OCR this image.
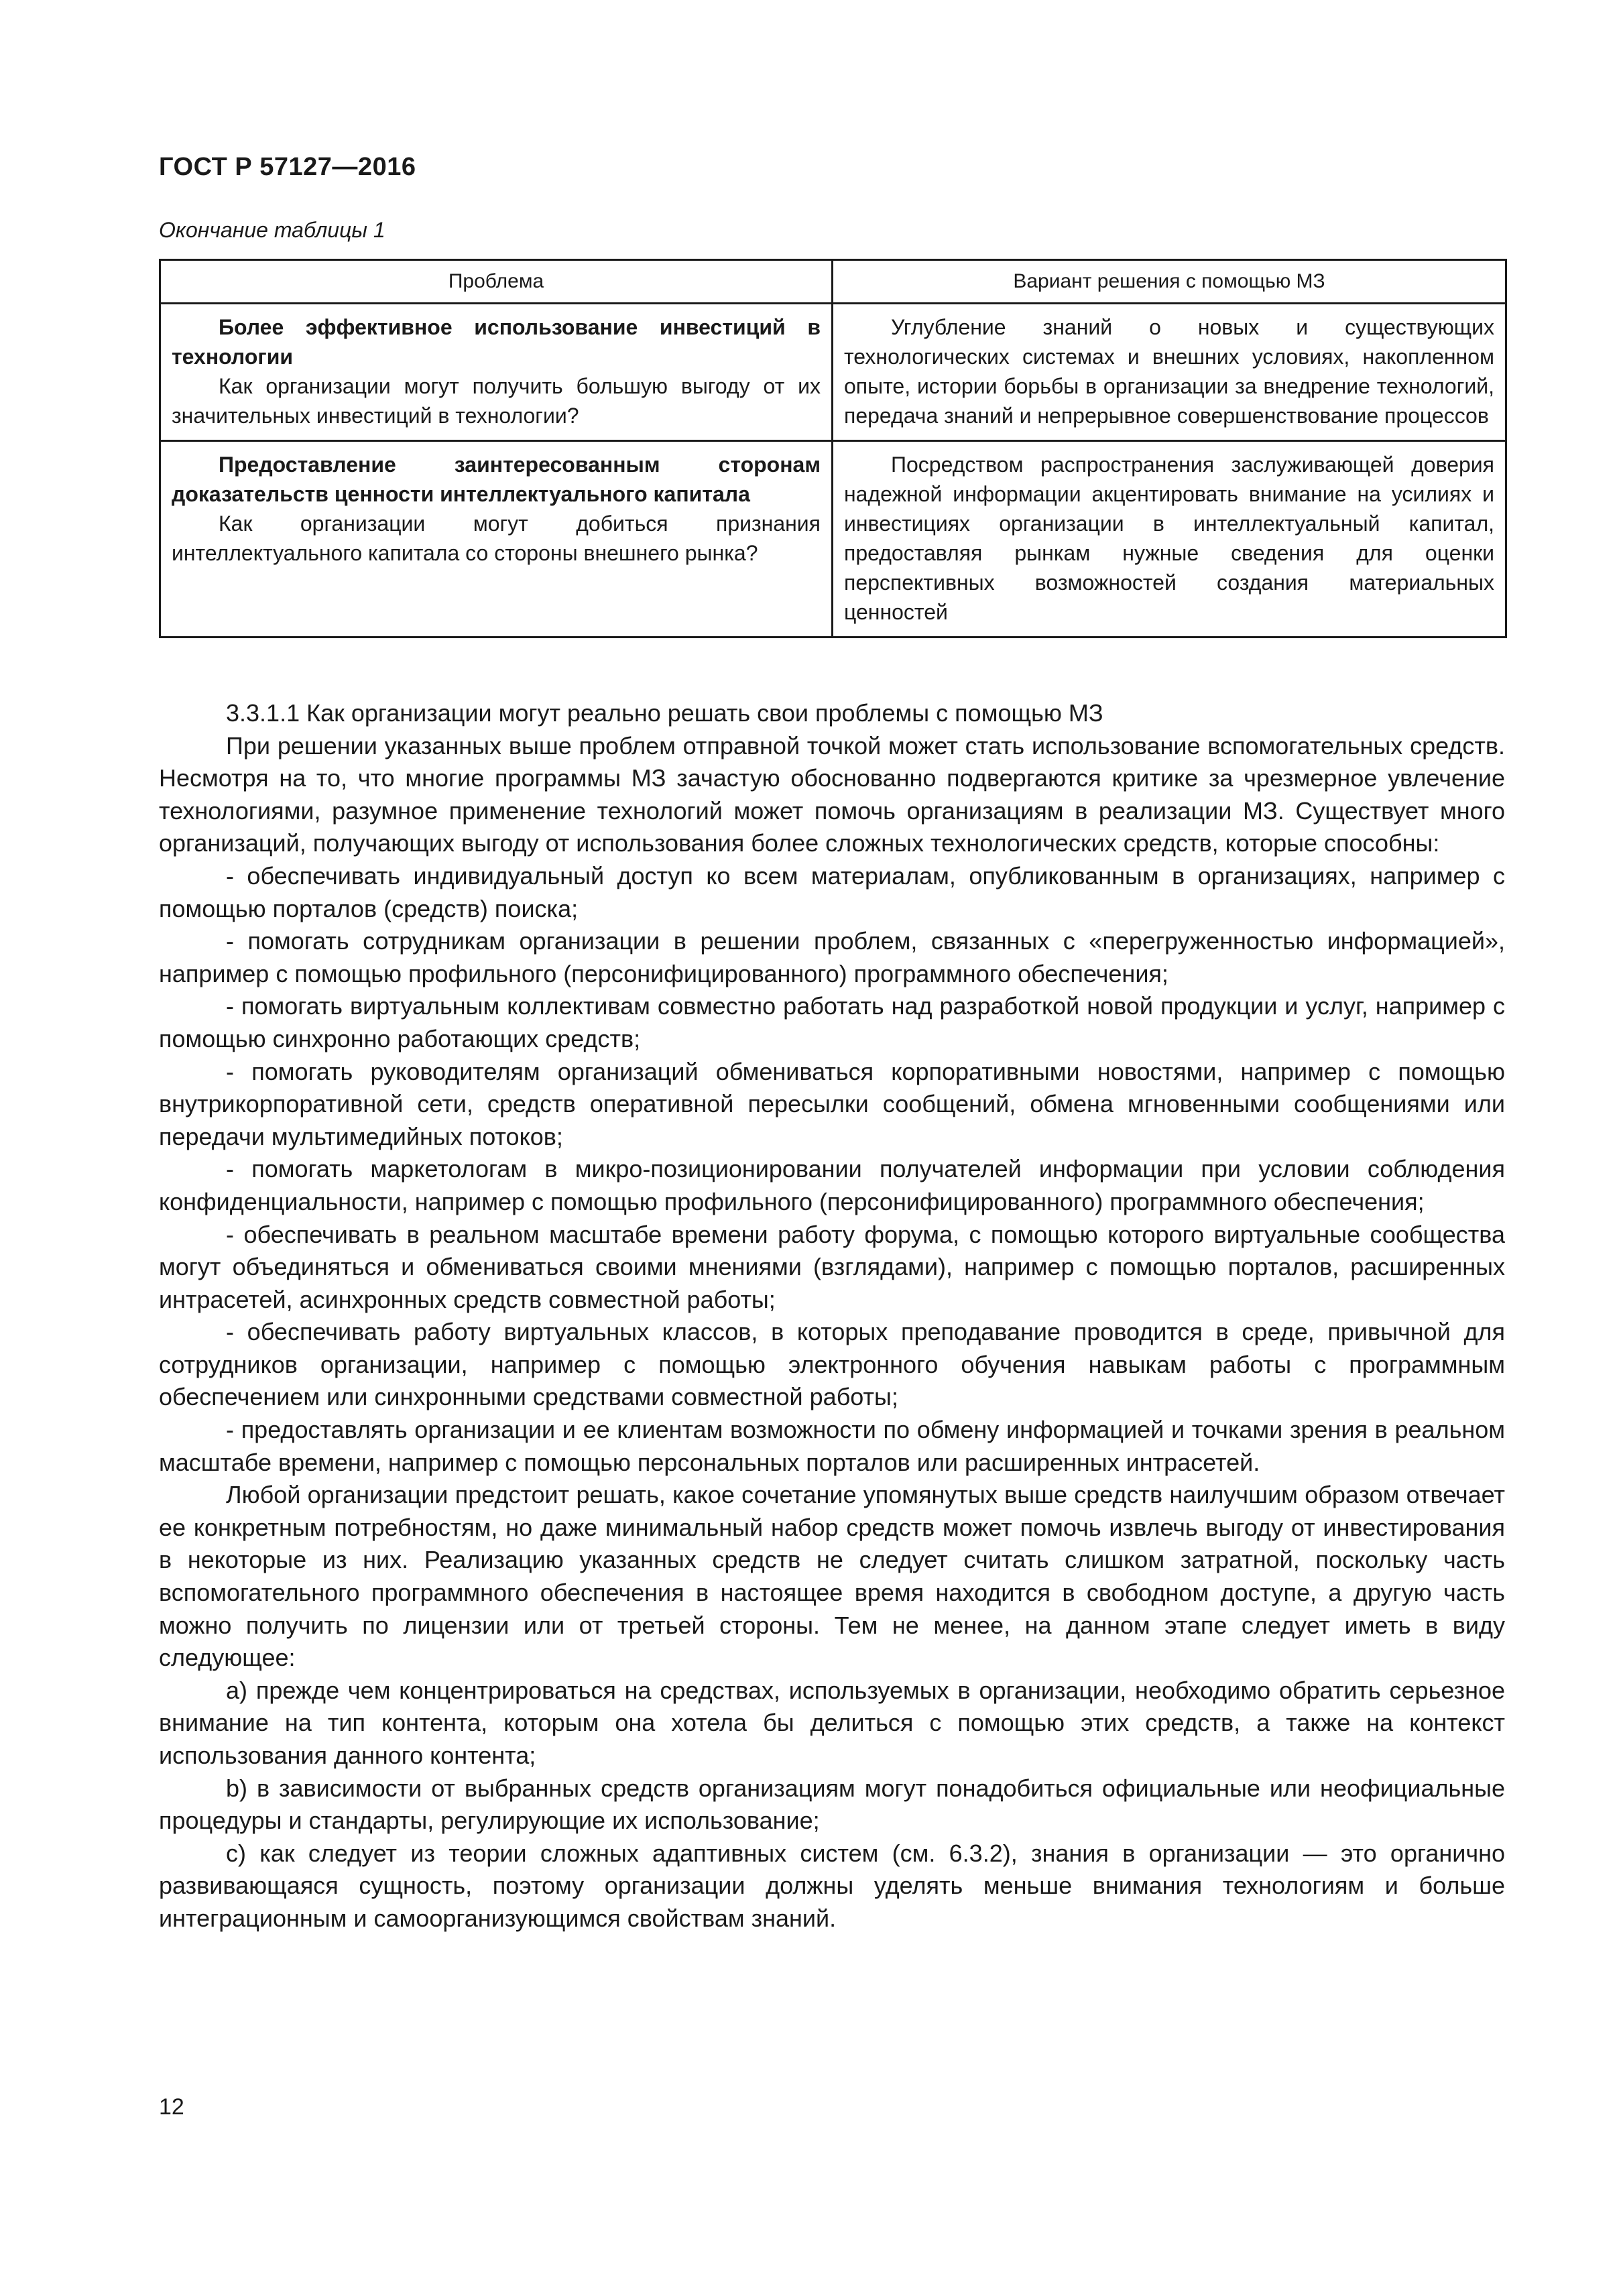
ГОСТ Р 57127—2016
Окончание таблицы 1
Проблема	Вариант решения с помощью МЗ

Более эффективное использование инвестиций в технологии
Как организации могут получить большую выгоду от их значительных инвестиций в технологии?	Углубление знаний о новых и существующих технологических системах и внешних условиях, накопленном опыте, истории борьбы в организации за внедрение технологий, передача знаний и непрерывное совершенствование процессов

Предоставление заинтересованным сторонам доказательств ценности интеллектуального капитала
Как организации могут добиться признания интеллектуального капитала со стороны внешнего рынка?	Посредством распространения заслуживающей доверия надежной информации акцентировать внимание на усилиях и инвестициях организации в интеллектуальный капитал, предоставляя рынкам нужные сведения для оценки перспективных возможностей создания материальных ценностей

3.3.1.1 Как организации могут реально решать свои проблемы с помощью МЗ

При решении указанных выше проблем отправной точкой может стать использование вспомогательных средств. Несмотря на то, что многие программы МЗ зачастую обоснованно подвергаются критике за чрезмерное увлечение технологиями, разумное применение технологий может помочь организациям в реализации МЗ. Существует много организаций, получающих выгоду от использования более сложных технологических средств, которые способны:

- обеспечивать индивидуальный доступ ко всем материалам, опубликованным в организациях, например с помощью порталов (средств) поиска;

- помогать сотрудникам организации в решении проблем, связанных с «перегруженностью информацией», например с помощью профильного (персонифицированного) программного обеспечения;

- помогать виртуальным коллективам совместно работать над разработкой новой продукции и услуг, например с помощью синхронно работающих средств;

- помогать руководителям организаций обмениваться корпоративными новостями, например с помощью внутрикорпоративной сети, средств оперативной пересылки сообщений, обмена мгновенными сообщениями или передачи мультимедийных потоков;

- помогать маркетологам в микро-позиционировании получателей информации при условии соблюдения конфиденциальности, например с помощью профильного (персонифицированного) программного обеспечения;

- обеспечивать в реальном масштабе времени работу форума, с помощью которого виртуальные сообщества могут объединяться и обмениваться своими мнениями (взглядами), например с помощью порталов, расширенных интрасетей, асинхронных средств совместной работы;

- обеспечивать работу виртуальных классов, в которых преподавание проводится в среде, привычной для сотрудников организации, например с помощью электронного обучения навыкам работы с программным обеспечением или синхронными средствами совместной работы;

- предоставлять организации и ее клиентам возможности по обмену информацией и точками зрения в реальном масштабе времени, например с помощью персональных порталов или расширенных интрасетей.

Любой организации предстоит решать, какое сочетание упомянутых выше средств наилучшим образом отвечает ее конкретным потребностям, но даже минимальный набор средств может помочь извлечь выгоду от инвестирования в некоторые из них. Реализацию указанных средств не следует считать слишком затратной, поскольку часть вспомогательного программного обеспечения в настоящее время находится в свободном доступе, а другую часть можно получить по лицензии или от третьей стороны. Тем не менее, на данном этапе следует иметь в виду следующее:

а) прежде чем концентрироваться на средствах, используемых в организации, необходимо обратить серьезное внимание на тип контента, которым она хотела бы делиться с помощью этих средств, а также на контекст использования данного контента;

b) в зависимости от выбранных средств организациям могут понадобиться официальные или неофициальные процедуры и стандарты, регулирующие их использование;

c) как следует из теории сложных адаптивных систем (см. 6.3.2), знания в организации — это органично развивающаяся сущность, поэтому организации должны уделять меньше внимания технологиям и больше интеграционным и самоорганизующимся свойствам знаний.

12
